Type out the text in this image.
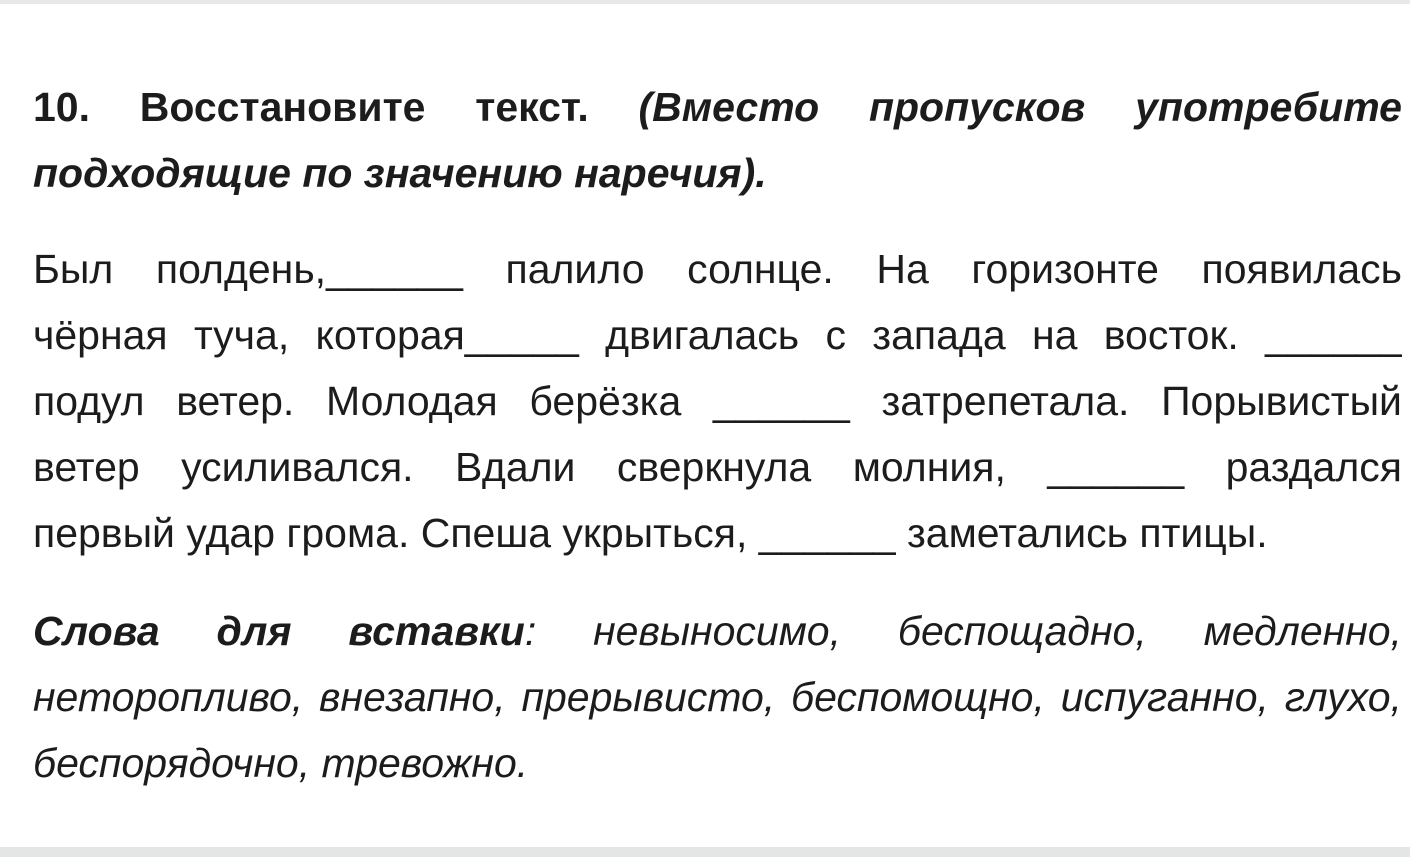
10. Восстановите текст. (Вместо пропусков употребите
подходящие по значению наречия).
Был полдень,______ палило солнце. На горизонте появилась
чёрная туча, которая_____ двигалась с запада на восток. ______
подул ветер. Молодая берёзка ______ затрепетала. Порывистый
ветер усиливался. Вдали сверкнула молния, ______ раздался
первый удар грома. Спеша укрыться, ______ заметались птицы.
Слова для вставки: невыносимо, беспощадно, медленно,
неторопливо, внезапно, прерывисто, беспомощно, испуганно, глухо,
беспорядочно, тревожно.
